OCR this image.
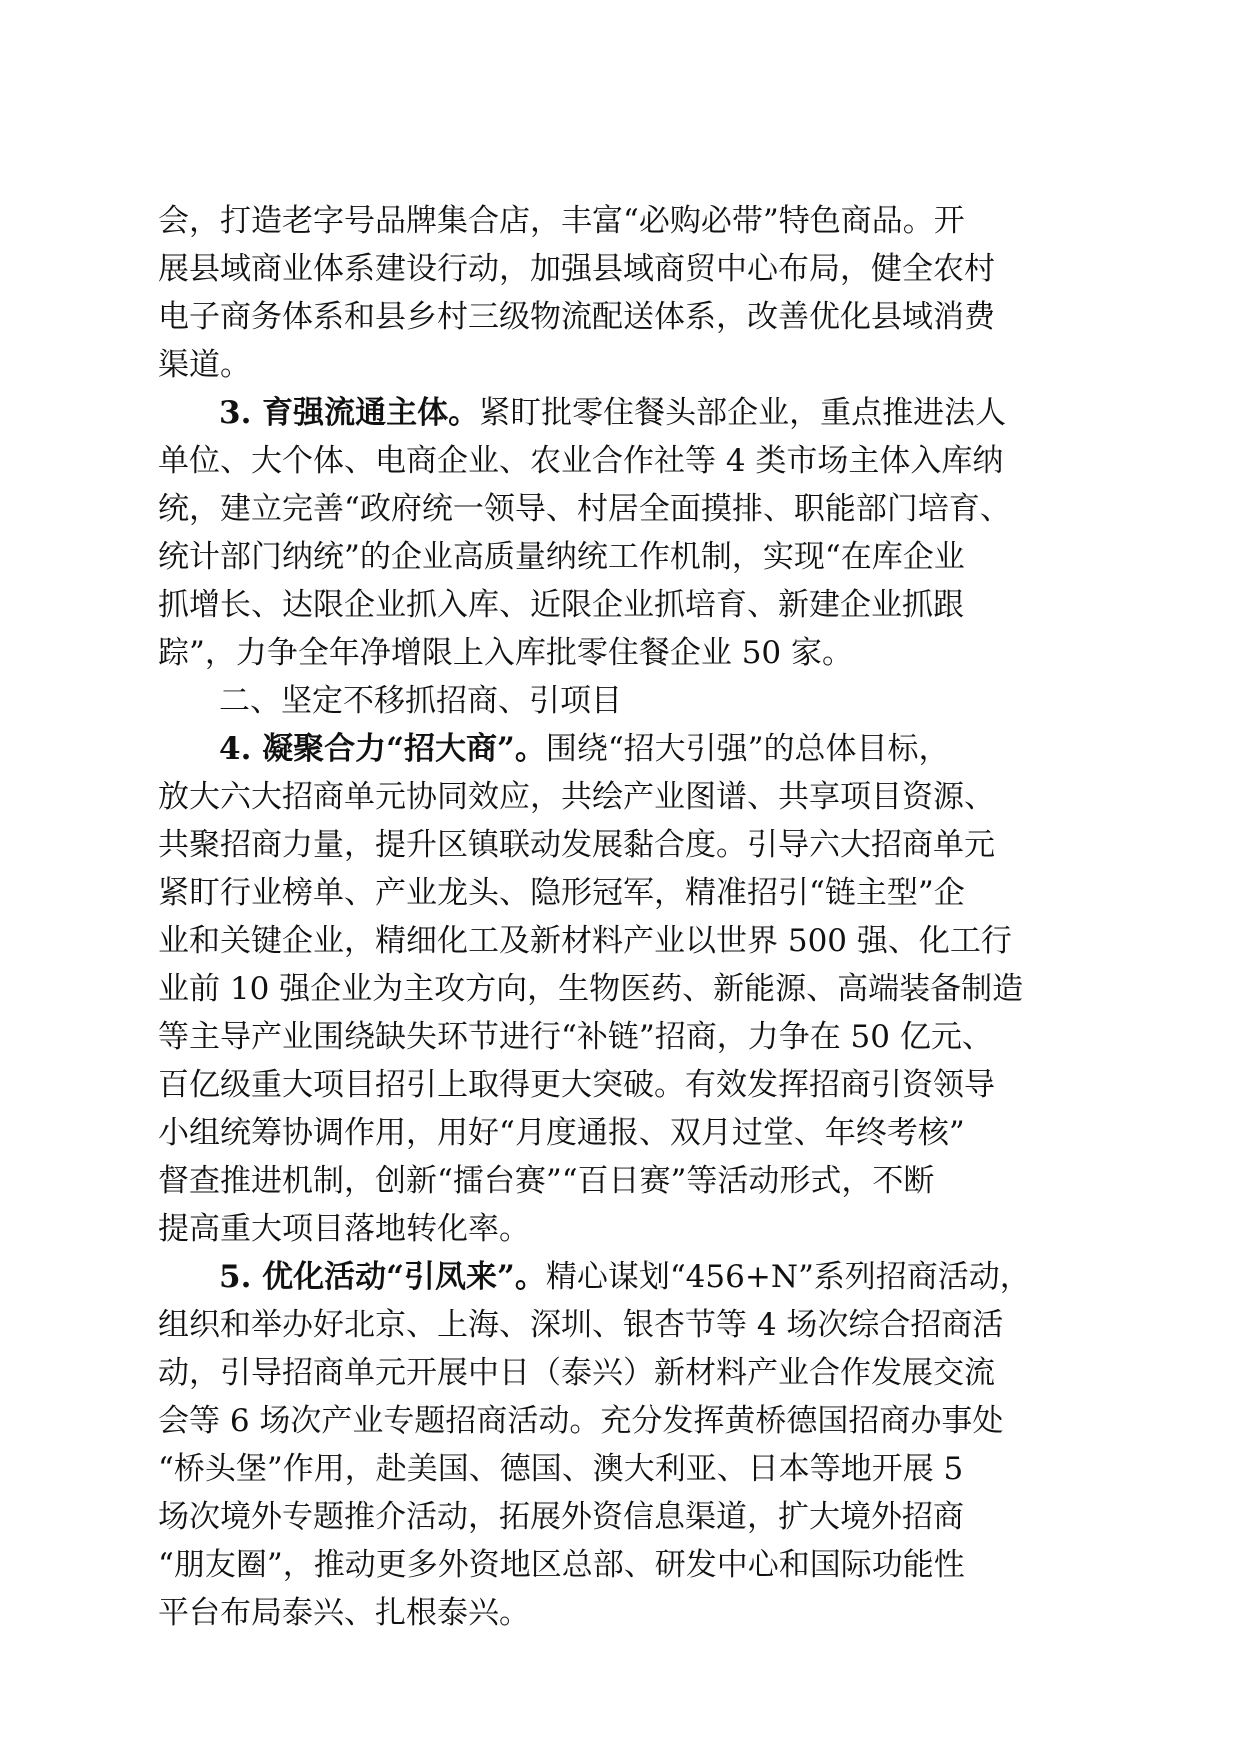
会，打造老字号品牌集合店，丰富“必购必带”特色商品。开
展县域商业体系建设行动，加强县域商贸中心布局，健全农村
电子商务体系和县乡村三级物流配送体系，改善优化县域消费
渠道。
3. 育强流通主体。紧盯批零住餐头部企业，重点推进法人
单位、大个体、电商企业、农业合作社等 4 类市场主体入库纳
统，建立完善“政府统一领导、村居全面摸排、职能部门培育、
统计部门纳统”的企业高质量纳统工作机制，实现“在库企业
抓增长、达限企业抓入库、近限企业抓培育、新建企业抓跟
踪”，力争全年净增限上入库批零住餐企业 50 家。
二、坚定不移抓招商、引项目
4. 凝聚合力“招大商”。围绕“招大引强”的总体目标，
放大六大招商单元协同效应，共绘产业图谱、共享项目资源、
共聚招商力量，提升区镇联动发展黏合度。引导六大招商单元
紧盯行业榜单、产业龙头、隐形冠军，精准招引“链主型”企
业和关键企业，精细化工及新材料产业以世界 500 强、化工行
业前 10 强企业为主攻方向，生物医药、新能源、高端装备制造
等主导产业围绕缺失环节进行“补链”招商，力争在 50 亿元、
百亿级重大项目招引上取得更大突破。有效发挥招商引资领导
小组统筹协调作用，用好“月度通报、双月过堂、年终考核”
督查推进机制，创新“擂台赛”“百日赛”等活动形式，不断
提高重大项目落地转化率。
5. 优化活动“引凤来”。精心谋划“456+N”系列招商活动，
组织和举办好北京、上海、深圳、银杏节等 4 场次综合招商活
动，引导招商单元开展中日（泰兴）新材料产业合作发展交流
会等 6 场次产业专题招商活动。充分发挥黄桥德国招商办事处
“桥头堡”作用，赴美国、德国、澳大利亚、日本等地开展 5
场次境外专题推介活动，拓展外资信息渠道，扩大境外招商
“朋友圈”，推动更多外资地区总部、研发中心和国际功能性
平台布局泰兴、扎根泰兴。
